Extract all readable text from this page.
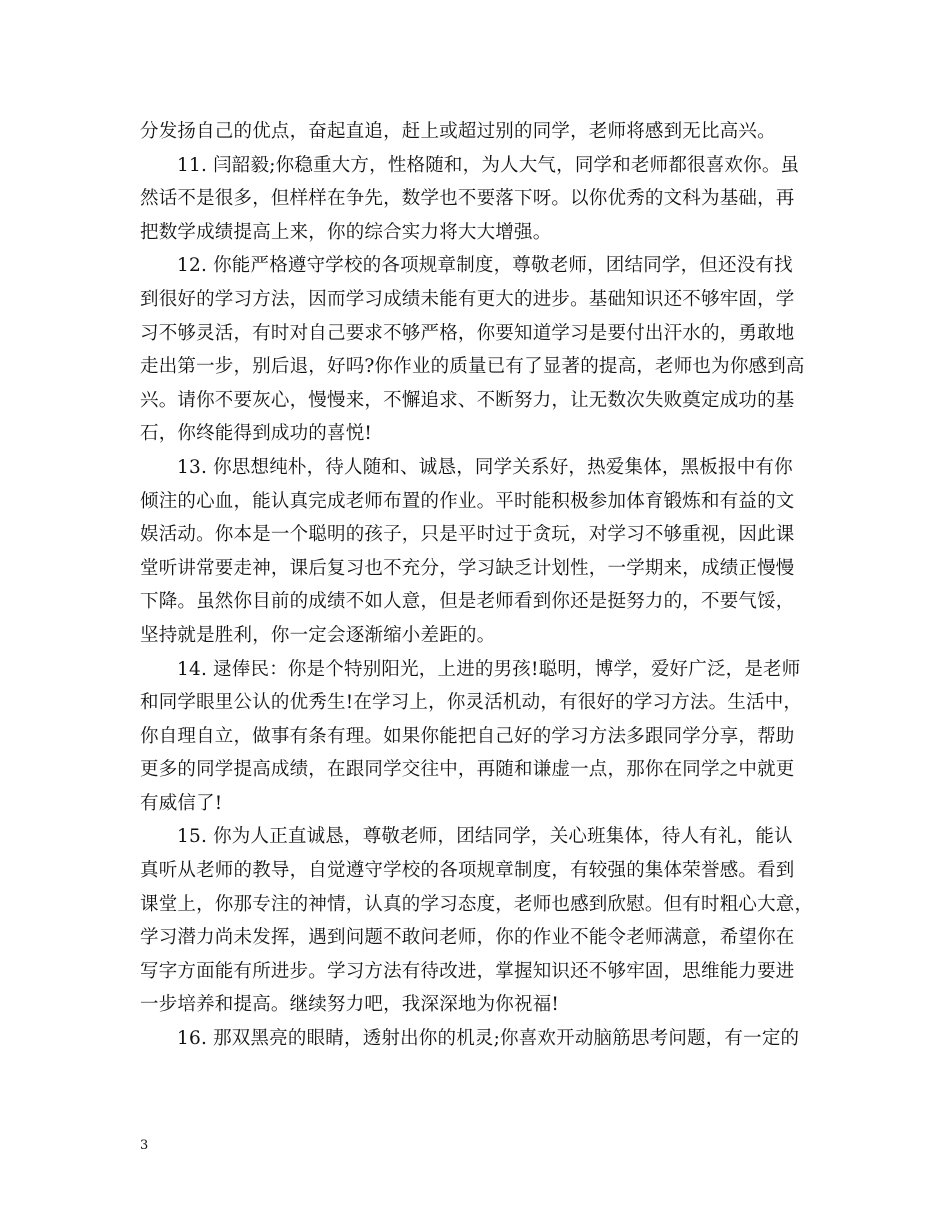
分发扬自己的优点，奋起直追，赶上或超过别的同学，老师将感到无比高兴。
11. 闫韶毅;你稳重大方，性格随和，为人大气，同学和老师都很喜欢你。虽
然话不是很多，但样样在争先，数学也不要落下呀。以你优秀的文科为基础，再
把数学成绩提高上来，你的综合实力将大大增强。
12. 你能严格遵守学校的各项规章制度，尊敬老师，团结同学，但还没有找
到很好的学习方法，因而学习成绩未能有更大的进步。基础知识还不够牢固，学
习不够灵活，有时对自己要求不够严格，你要知道学习是要付出汗水的，勇敢地
走出第一步，别后退，好吗?你作业的质量已有了显著的提高，老师也为你感到高
兴。请你不要灰心，慢慢来，不懈追求、不断努力，让无数次失败奠定成功的基
石，你终能得到成功的喜悦!
13. 你思想纯朴，待人随和、诚恳，同学关系好，热爱集体，黑板报中有你
倾注的心血，能认真完成老师布置的作业。平时能积极参加体育锻炼和有益的文
娱活动。你本是一个聪明的孩子，只是平时过于贪玩，对学习不够重视，因此课
堂听讲常要走神，课后复习也不充分，学习缺乏计划性，一学期来，成绩正慢慢
下降。虽然你目前的成绩不如人意，但是老师看到你还是挺努力的，不要气馁，
坚持就是胜利，你一定会逐渐缩小差距的。
14. 逯俸民：你是个特别阳光，上进的男孩!聪明，博学，爱好广泛，是老师
和同学眼里公认的优秀生!在学习上，你灵活机动，有很好的学习方法。生活中，
你自理自立，做事有条有理。如果你能把自己好的学习方法多跟同学分享，帮助
更多的同学提高成绩，在跟同学交往中，再随和谦虚一点，那你在同学之中就更
有威信了!
15. 你为人正直诚恳，尊敬老师，团结同学，关心班集体，待人有礼，能认
真听从老师的教导，自觉遵守学校的各项规章制度，有较强的集体荣誉感。看到
课堂上，你那专注的神情，认真的学习态度，老师也感到欣慰。但有时粗心大意，
学习潜力尚未发挥，遇到问题不敢问老师，你的作业不能令老师满意，希望你在
写字方面能有所进步。学习方法有待改进，掌握知识还不够牢固，思维能力要进
一步培养和提高。继续努力吧，我深深地为你祝福!
16. 那双黑亮的眼睛，透射出你的机灵;你喜欢开动脑筋思考问题，有一定的
3
